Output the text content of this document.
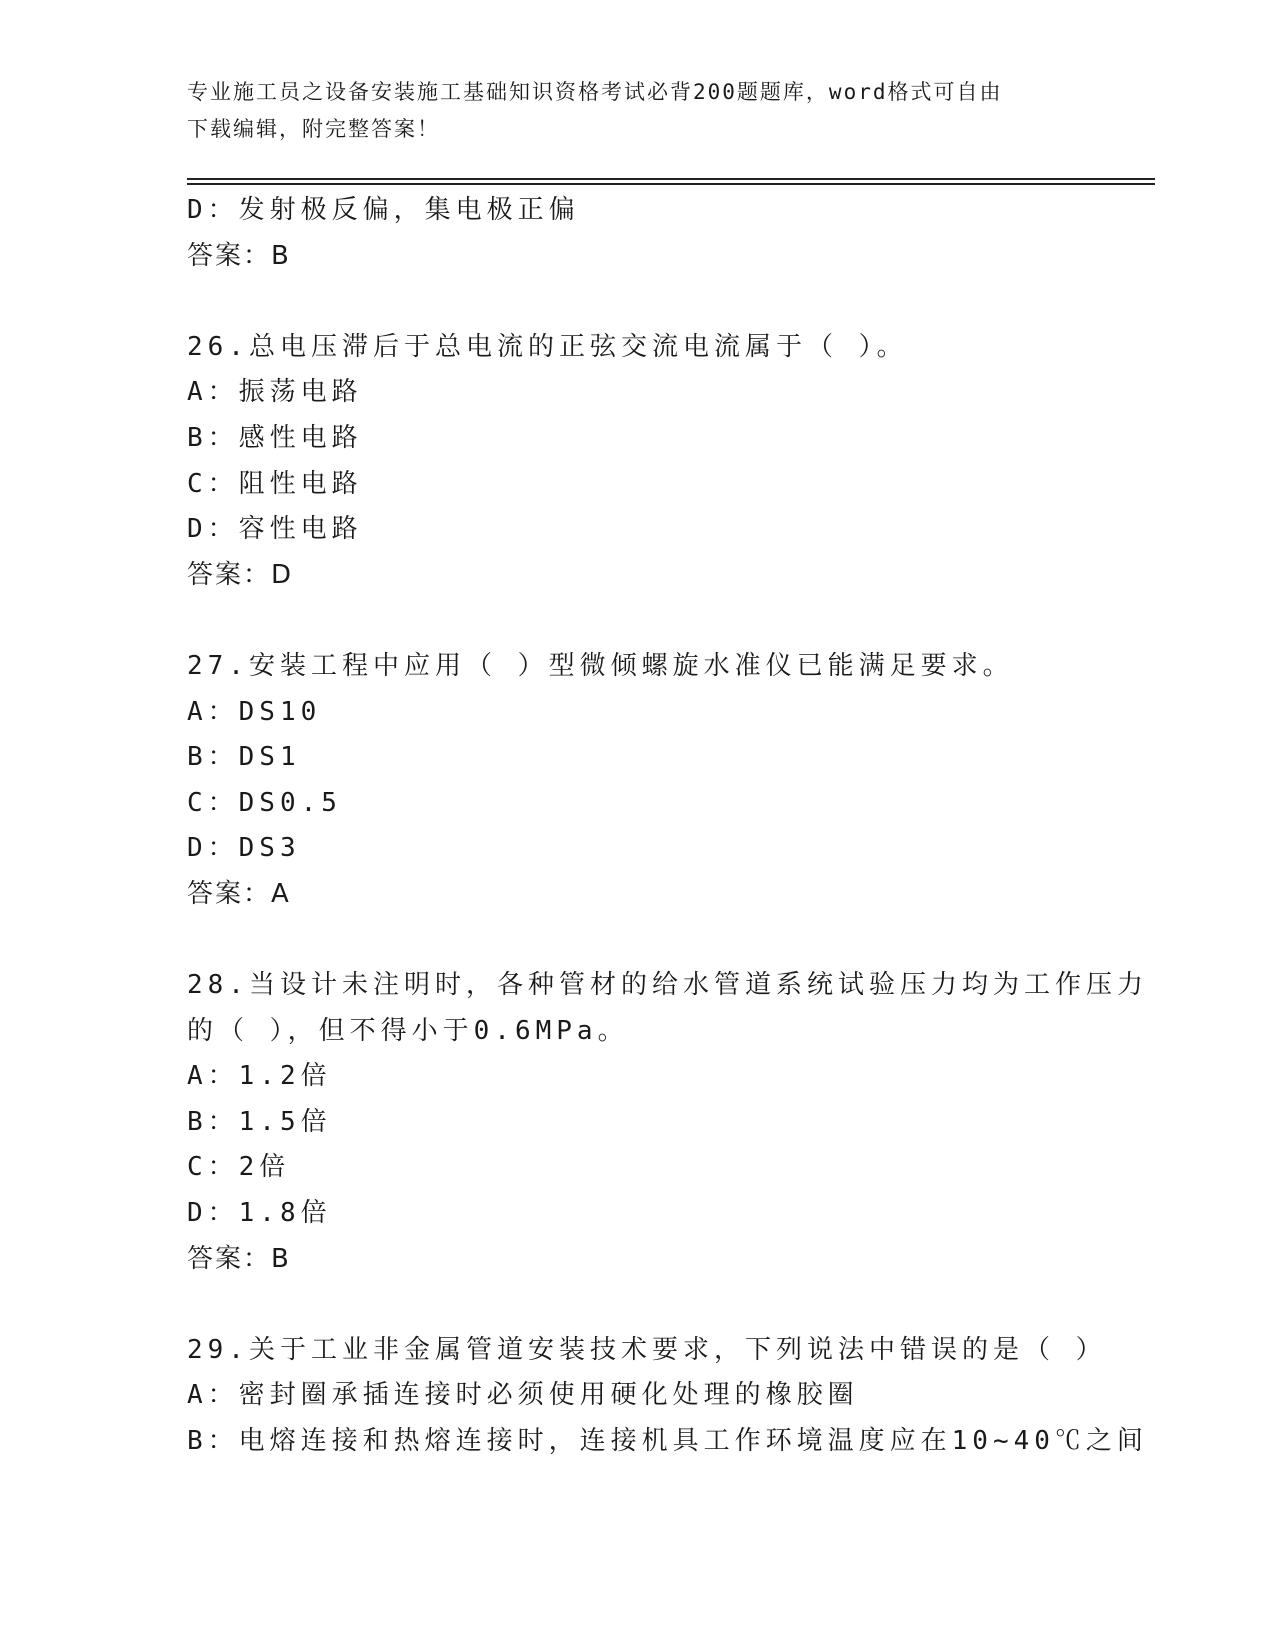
专业施工员之设备安装施工基础知识资格考试必背200题题库，word格式可自由
下载编辑，附完整答案！

D：发射极反偏，集电极正偏

答案：B

26.总电压滞后于总电流的正弦交流电流属于（ ）。

A：振荡电路

B：感性电路

C：阻性电路

D：容性电路

答案：D

27.安装工程中应用（ ）型微倾螺旋水准仪已能满足要求。

A：DS10

B：DS1

C：DS0.5

D：DS3

答案：A

28.当设计未注明时，各种管材的给水管道系统试验压力均为工作压力

的（ ），但不得小于0.6MPa。

A：1.2倍

B：1.5倍

C：2倍

D：1.8倍

答案：B

29.关于工业非金属管道安装技术要求，下列说法中错误的是（ ）

A：密封圈承插连接时必须使用硬化处理的橡胶圈

B：电熔连接和热熔连接时，连接机具工作环境温度应在10~40℃之间
